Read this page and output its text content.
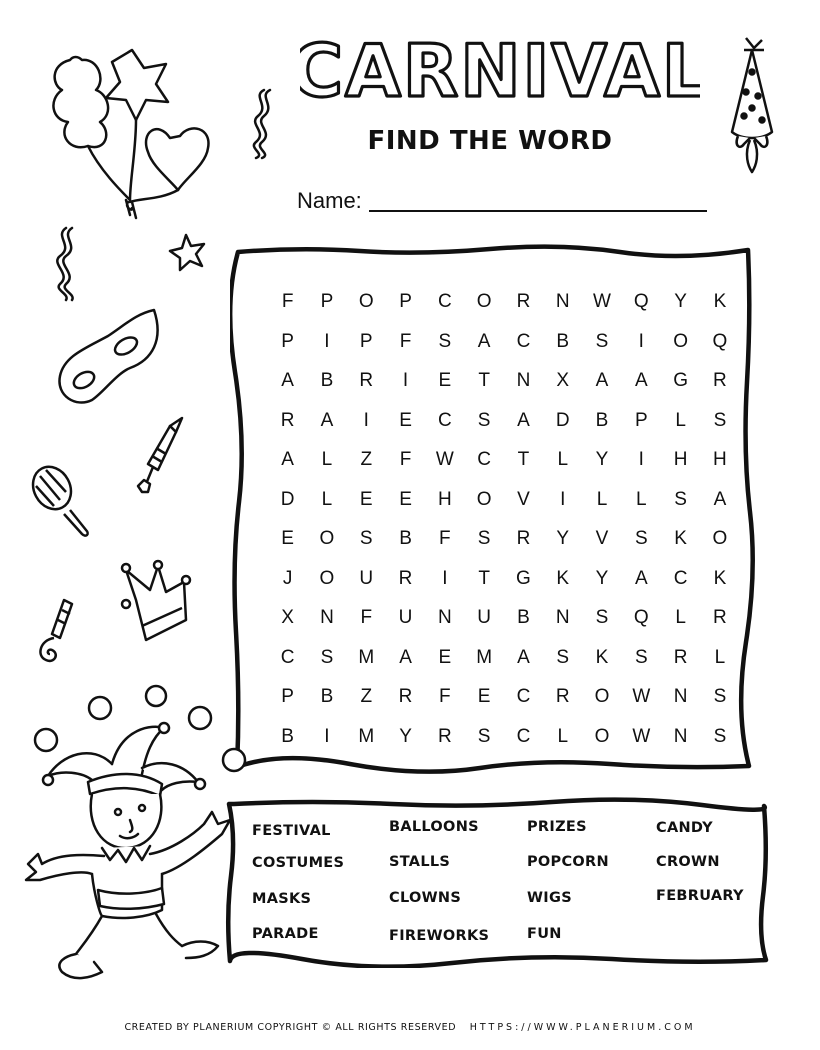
CARNIVAL
FIND THE WORD
Name:
F	P	O	P	C	O	R	N	W	Q	Y	K
P	I	P	F	S	A	C	B	S	I	O	Q
A	B	R	I	E	T	N	X	A	A	G	R
R	A	I	E	C	S	A	D	B	P	L	S
A	L	Z	F	W	C	T	L	Y	I	H	H
D	L	E	E	H	O	V	I	L	L	S	A
E	O	S	B	F	S	R	Y	V	S	K	O
J	O	U	R	I	T	G	K	Y	A	C	K
X	N	F	U	N	U	B	N	S	Q	L	R
C	S	M	A	E	M	A	S	K	S	R	L
P	B	Z	R	F	E	C	R	O	W	N	S
B	I	M	Y	R	S	C	L	O	W	N	S
FESTIVAL
COSTUMES
MASKS
PARADE
BALLOONS
STALLS
CLOWNS
FIREWORKS
PRIZES
POPCORN
WIGS
FUN
CANDY
CROWN
FEBRUARY
CREATED BY PLANERIUM COPYRIGHT © ALL RIGHTS RESERVED HTTPS://WWW.PLANERIUM.COM
